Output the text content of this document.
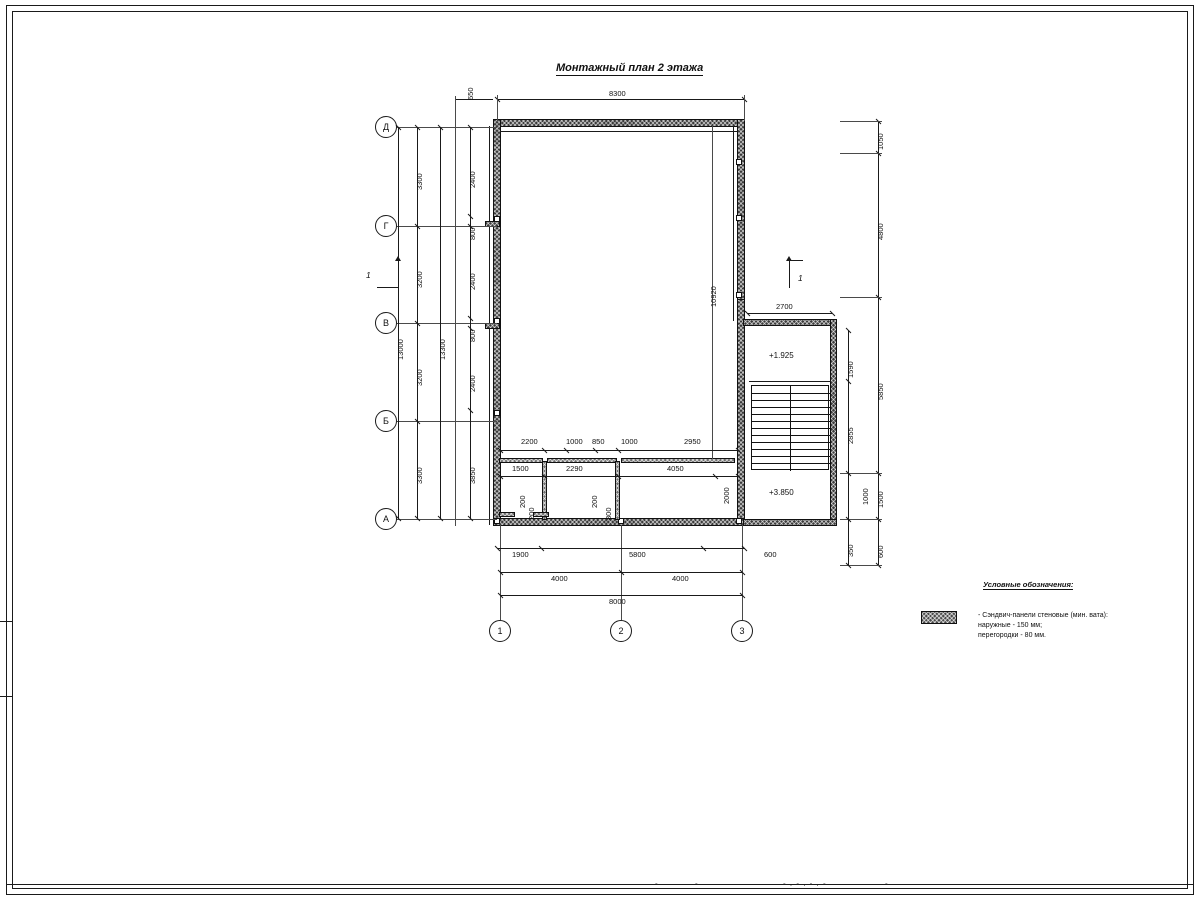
-	-	- . - . - . -	-
Монтажный план 2 этажа
+1.925
+3.850
Д
Г
В
Б
А
1	2	3
8300
650
13000
3300
3200
3200
3300
13300
2400
800
2400
800
2400
3850
1	1
2200	1000 850 1000	2950
1500	2290	4050
2000
200
200
200
800
10920	2700
1900	5800	600
4000	4000
8000
1050
4800
5850
1500
600
1590
2855
350
1000
Условные обозначения:
- Сэндвич-панели стеновые (мин. вата):
наружные - 150 мм;
перегородки - 80 мм.
